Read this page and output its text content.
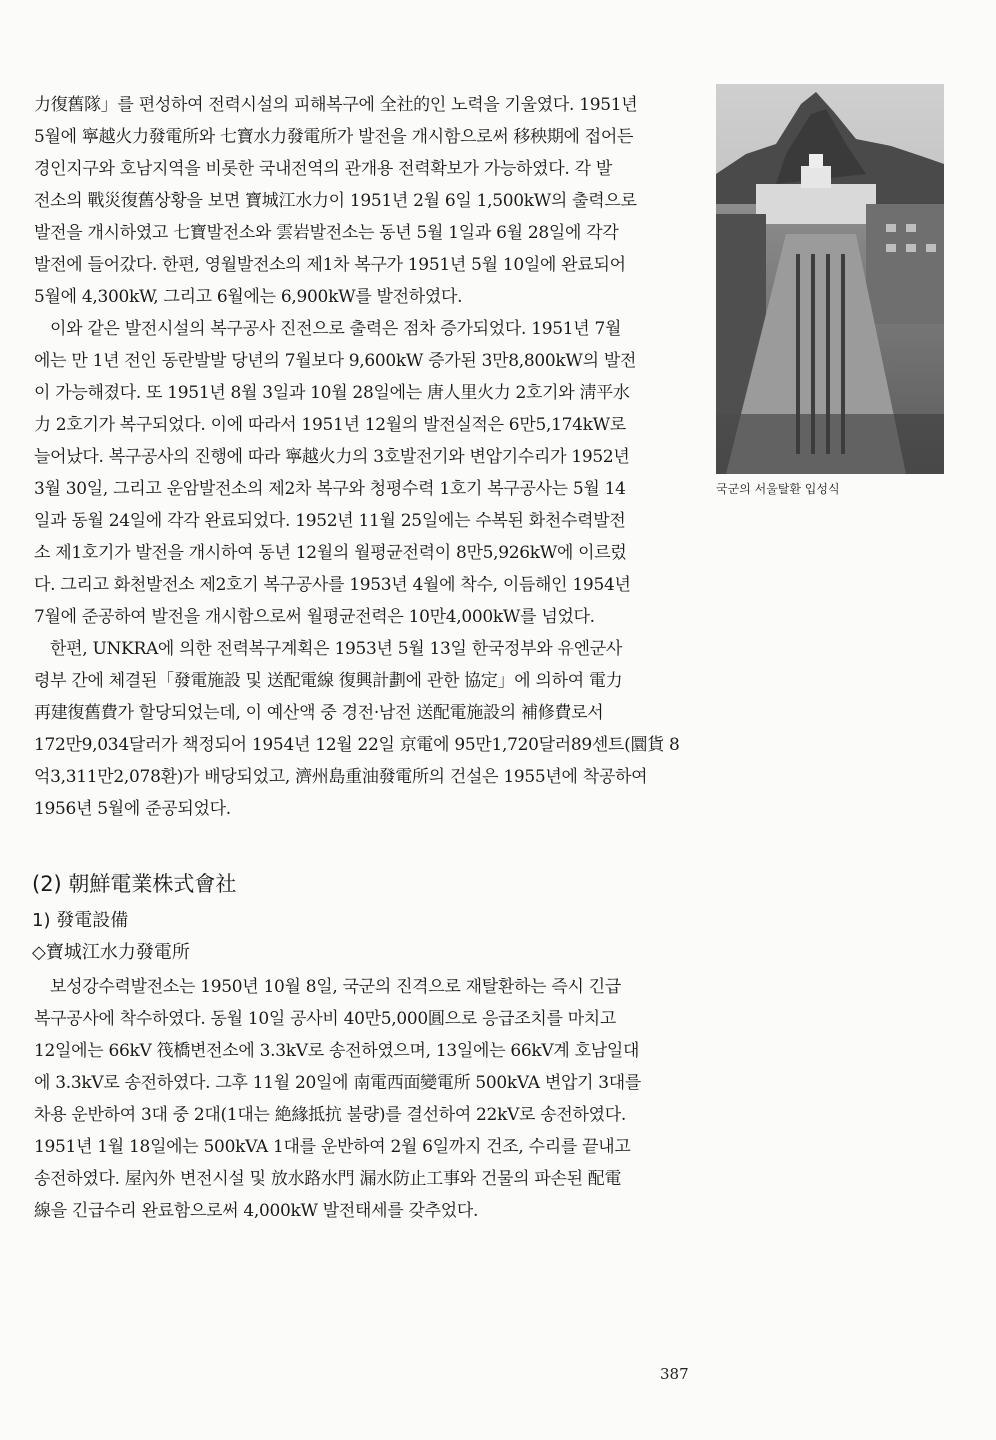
국군의 서울탈환 입성식
力復舊隊」를 편성하여 전력시설의 피해복구에 全社的인 노력을 기울였다. 1951년
5월에 寧越火力發電所와 七寶水力發電所가 발전을 개시함으로써 移秧期에 접어든
경인지구와 호남지역을 비롯한 국내전역의 관개용 전력확보가 가능하였다. 각 발
전소의 戰災復舊상황을 보면 寶城江水力이 1951년 2월 6일 1,500kW의 출력으로
발전을 개시하였고 七寶발전소와 雲岩발전소는 동년 5월 1일과 6월 28일에 각각
발전에 들어갔다. 한편, 영월발전소의 제1차 복구가 1951년 5월 10일에 완료되어
5월에 4,300kW, 그리고 6월에는 6,900kW를 발전하였다.
이와 같은 발전시설의 복구공사 진전으로 출력은 점차 증가되었다. 1951년 7월
에는 만 1년 전인 동란발발 당년의 7월보다 9,600kW 증가된 3만8,800kW의 발전
이 가능해졌다. 또 1951년 8월 3일과 10월 28일에는 唐人里火力 2호기와 淸平水
力 2호기가 복구되었다. 이에 따라서 1951년 12월의 발전실적은 6만5,174kW로
늘어났다. 복구공사의 진행에 따라 寧越火力의 3호발전기와 변압기수리가 1952년
3월 30일, 그리고 운암발전소의 제2차 복구와 청평수력 1호기 복구공사는 5월 14
일과 동월 24일에 각각 완료되었다. 1952년 11월 25일에는 수복된 화천수력발전
소 제1호기가 발전을 개시하여 동년 12월의 월평균전력이 8만5,926kW에 이르렀
다. 그리고 화천발전소 제2호기 복구공사를 1953년 4월에 착수, 이듬해인 1954년
7월에 준공하여 발전을 개시함으로써 월평균전력은 10만4,000kW를 넘었다.
한편, UNKRA에 의한 전력복구계획은 1953년 5월 13일 한국정부와 유엔군사
령부 간에 체결된「發電施設 및 送配電線 復興計劃에 관한 協定」에 의하여 電力
再建復舊費가 할당되었는데, 이 예산액 중 경전·남전 送配電施設의 補修費로서
172만9,034달러가 책정되어 1954년 12월 22일 京電에 95만1,720달러89센트(圜貨 8
억3,311만2,078환)가 배당되었고, 濟州島重油發電所의 건설은 1955년에 착공하여
1956년 5월에 준공되었다.
(2) 朝鮮電業株式會社
1) 發電設備
◇寶城江水力發電所
보성강수력발전소는 1950년 10월 8일, 국군의 진격으로 재탈환하는 즉시 긴급
복구공사에 착수하였다. 동월 10일 공사비 40만5,000圓으로 응급조치를 마치고
12일에는 66kV 筏橋변전소에 3.3kV로 송전하였으며, 13일에는 66kV계 호남일대
에 3.3kV로 송전하였다. 그후 11월 20일에 南電西面變電所 500kVA 변압기 3대를
차용 운반하여 3대 중 2대(1대는 絶緣抵抗 불량)를 결선하여 22kV로 송전하였다.
1951년 1월 18일에는 500kVA 1대를 운반하여 2월 6일까지 건조, 수리를 끝내고
송전하였다. 屋內外 변전시설 및 放水路水門 漏水防止工事와 건물의 파손된 配電
線을 긴급수리 완료함으로써 4,000kW 발전태세를 갖추었다.
387
